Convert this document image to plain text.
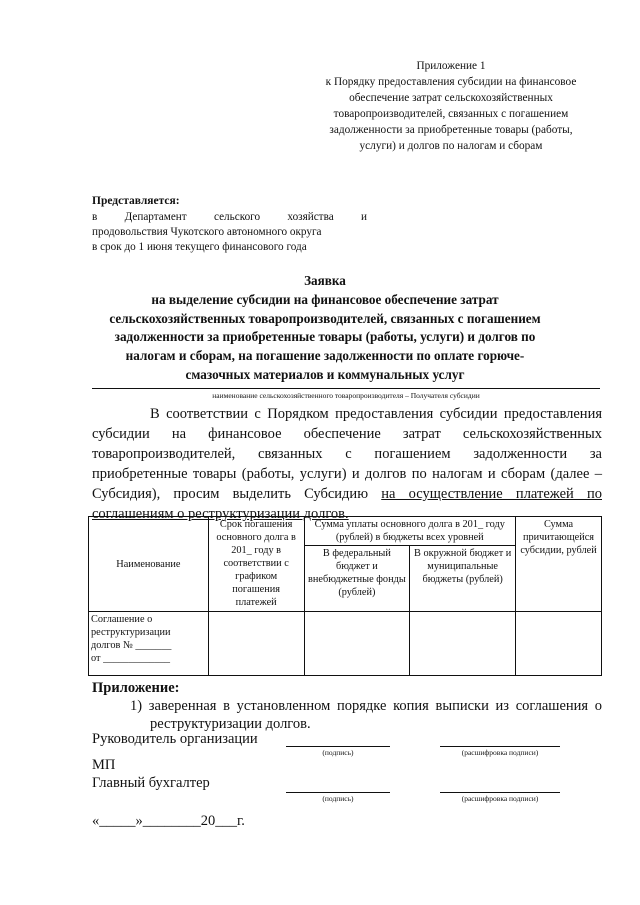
Приложение 1
к Порядку предоставления субсидии на финансовое
обеспечение затрат сельскохозяйственных
товаропроизводителей, связанных с погашением
задолженности за приобретенные товары (работы,
услуги) и долгов по налогам и сборам
Представляется:
в Департамент сельского хозяйства и
продовольствия Чукотского автономного округа
в срок до 1 июня текущего финансового года
Заявка
на выделение субсидии на финансовое обеспечение затрат
сельскохозяйственных товаропроизводителей, связанных с погашением
задолженности за приобретенные товары (работы, услуги) и долгов по
налогам и сборам, на погашение задолженности по оплате горюче-
смазочных материалов и коммунальных услуг
наименование сельскохозяйственного товаропроизводителя – Получателя субсидии
В соответствии с Порядком предоставления субсидии предоставления
субсидии на финансовое обеспечение затрат сельскохозяйственных
товаропроизводителей, связанных с погашением задолженности за
приобретенные товары (работы, услуги) и долгов по налогам и сборам (далее –
Субсидия), просим выделить Субсидию на осуществление платежей по
соглашениям о реструктуризации долгов.
Наименование	Срок погашения основного долга в 201_ году в соответствии с графиком погашения платежей	Сумма уплаты основного долга в 201_ году (рублей) в бюджеты всех уровней		Сумма причитающейся субсидии, рублей
		В федеральный бюджет и внебюджетные фонды (рублей)	В окружной бюджет и муниципальные бюджеты (рублей)	

Соглашение о
реструктуризации
долгов № _______
от _____________				

Приложение:
1) заверенная в установленном порядке копия выписки из соглашения о
реструктуризации долгов.
Руководитель организации
(подпись)	(расшифровка подписи)
МП
Главный бухгалтер
(подпись)	(расшифровка подписи)
«_____»________20___г.
